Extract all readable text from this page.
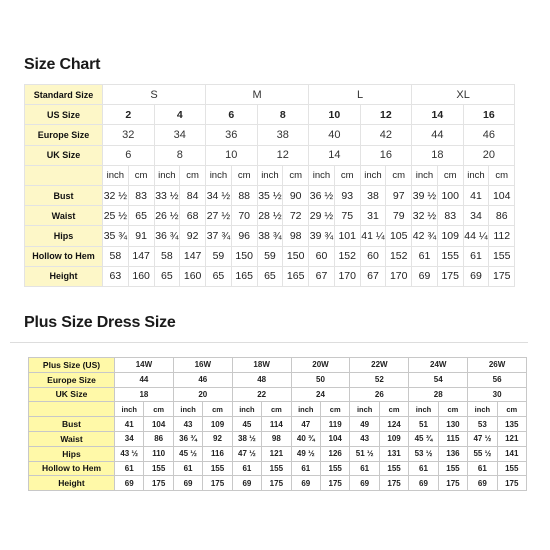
Size Chart
Standard Size	S				M				L				XL			
US Size	2		4		6		8		10		12		14		16	
Europe Size	32		34		36		38		40		42		44		46	
UK Size	6		8		10		12		14		16		18		20	
	inch	cm	inch	cm	inch	cm	inch	cm	inch	cm	inch	cm	inch	cm	inch	cm
Bust	32 ½	83	33 ½	84	34 ½	88	35 ½	90	36 ½	93	38	97	39 ½	100	41	104
Waist	25 ½	65	26 ½	68	27 ½	70	28 ½	72	29 ½	75	31	79	32 ½	83	34	86
Hips	35 ¾	91	36 ¾	92	37 ¾	96	38 ¾	98	39 ¾	101	41 ¼	105	42 ¾	109	44 ¼	112
Hollow to Hem	58	147	58	147	59	150	59	150	60	152	60	152	61	155	61	155
Height	63	160	65	160	65	165	65	165	67	170	67	170	69	175	69	175
Plus Size Dress Size
Plus Size (US)	14W		16W		18W		20W		22W		24W		26W	
Europe Size	44		46		48		50		52		54		56	
UK Size	18		20		22		24		26		28		30	
	inch	cm	inch	cm	inch	cm	inch	cm	inch	cm	inch	cm	inch	cm
Bust	41	104	43	109	45	114	47	119	49	124	51	130	53	135
Waist	34	86	36 ¾	92	38 ½	98	40 ¾	104	43	109	45 ¾	115	47 ½	121
Hips	43 ½	110	45 ½	116	47 ½	121	49 ½	126	51 ½	131	53 ½	136	55 ½	141
Hollow to Hem	61	155	61	155	61	155	61	155	61	155	61	155	61	155
Height	69	175	69	175	69	175	69	175	69	175	69	175	69	175
